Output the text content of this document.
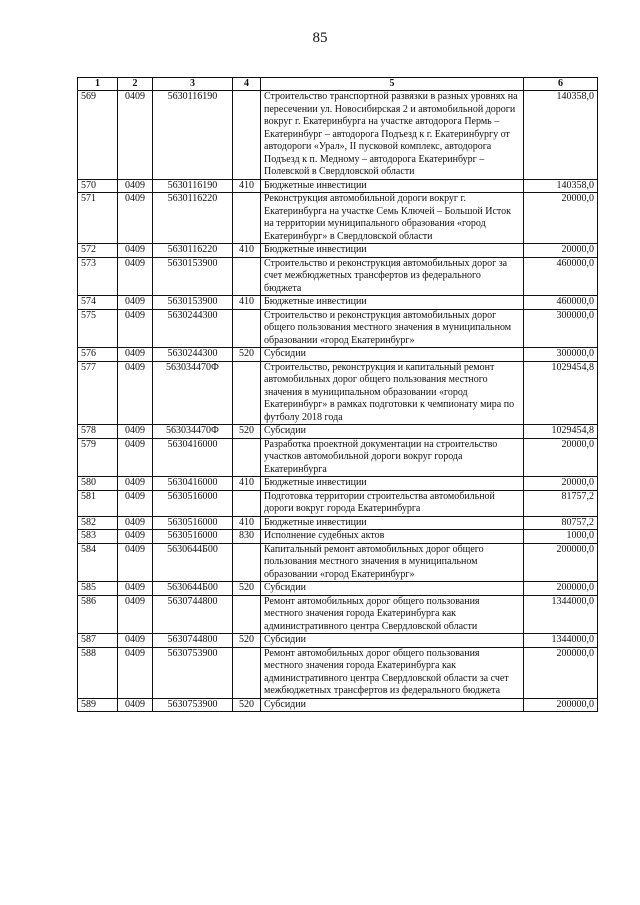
85
1	2	3	4	5	6
569	0409	5630116190		Строительство транспортной развязки в разных уровнях на пересечении ул. Новосибирская 2 и автомобильной дороги вокруг г. Екатеринбурга на участке автодорога Пермь – Екатеринбург – автодорога Подъезд к г. Екатеринбургу от автодороги «Урал», II пусковой комплекс, автодорога Подъезд к п. Медному – автодорога Екатеринбург – Полевской в Свердловской области	140358,0
570	0409	5630116190	410	Бюджетные инвестиции	140358,0
571	0409	5630116220		Реконструкция автомобильной дороги вокруг г. Екатеринбурга на участке Семь Ключей – Большой Исток на территории муниципального образования «город Екатеринбург» в Свердловской области	20000,0
572	0409	5630116220	410	Бюджетные инвестиции	20000,0
573	0409	5630153900		Строительство и реконструкция автомобильных дорог за счет межбюджетных трансфертов из федерального бюджета	460000,0
574	0409	5630153900	410	Бюджетные инвестиции	460000,0
575	0409	5630244300		Строительство и реконструкция автомобильных дорог общего пользования местного значения в муниципальном образовании «город Екатеринбург»	300000,0
576	0409	5630244300	520	Субсидии	300000,0
577	0409	563034470Ф		Строительство, реконструкция и капитальный ремонт автомобильных дорог общего пользования местного значения в муниципальном образовании «город Екатеринбург» в рамках подготовки к чемпионату мира по футболу 2018 года	1029454,8
578	0409	563034470Ф	520	Субсидии	1029454,8
579	0409	5630416000		Разработка проектной документации на строительство участков автомобильной дороги вокруг города Екатеринбурга	20000,0
580	0409	5630416000	410	Бюджетные инвестиции	20000,0
581	0409	5630516000		Подготовка территории строительства автомобильной дороги вокруг города Екатеринбурга	81757,2
582	0409	5630516000	410	Бюджетные инвестиции	80757,2
583	0409	5630516000	830	Исполнение судебных актов	1000,0
584	0409	5630644Б00		Капитальный ремонт автомобильных дорог общего пользования местного значения в муниципальном образовании «город Екатеринбург»	200000,0
585	0409	5630644Б00	520	Субсидии	200000,0
586	0409	5630744800		Ремонт автомобильных дорог общего пользования местного значения города Екатеринбурга как административного центра Свердловской области	1344000,0
587	0409	5630744800	520	Субсидии	1344000,0
588	0409	5630753900		Ремонт автомобильных дорог общего пользования местного значения города Екатеринбурга как административного центра Свердловской области за счет межбюджетных трансфертов из федерального бюджета	200000,0
589	0409	5630753900	520	Субсидии	200000,0
